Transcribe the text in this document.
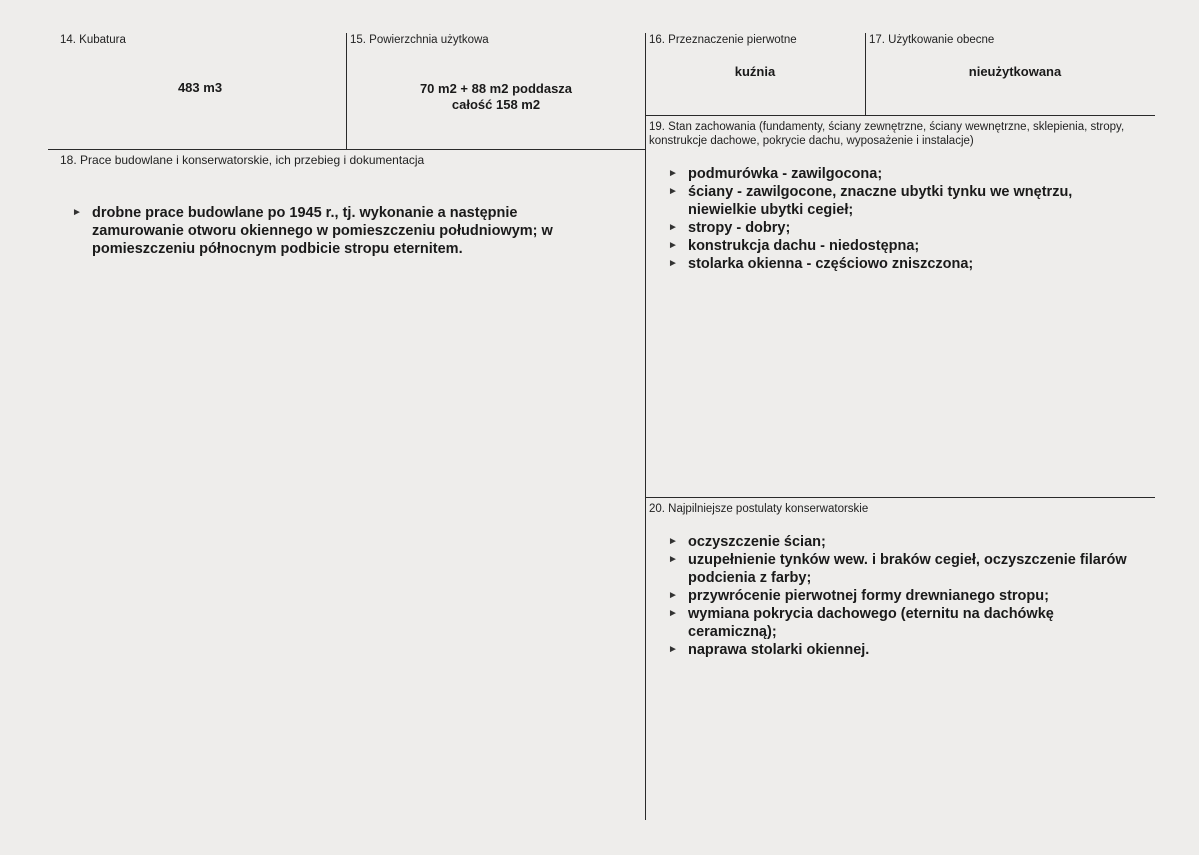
14. Kubatura
483 m3
15. Powierzchnia użytkowa
70 m2 + 88 m2 poddasza
całość 158 m2
16. Przeznaczenie pierwotne
kuźnia
17. Użytkowanie obecne
nieużytkowana
18. Prace budowlane i konserwatorskie, ich przebieg i dokumentacja
► drobne prace budowlane po 1945 r., tj. wykonanie a następnie zamurowanie otworu okiennego w pomieszczeniu południowym; w pomieszczeniu północnym podbicie stropu eternitem.
19. Stan zachowania (fundamenty, ściany zewnętrzne, ściany wewnętrzne, sklepienia, stropy, konstrukcje dachowe, pokrycie dachu, wyposażenie i instalacje)
► podmurówka - zawilgocona;
► ściany - zawilgocone, znaczne ubytki tynku we wnętrzu, niewielkie ubytki cegieł;
► stropy - dobry;
► konstrukcja dachu - niedostępna;
► stolarka okienna - częściowo zniszczona;
20. Najpilniejsze postulaty konserwatorskie
► oczyszczenie ścian;
► uzupełnienie tynków wew. i braków cegieł, oczyszczenie filarów podcienia z farby;
► przywrócenie pierwotnej formy drewnianego stropu;
► wymiana pokrycia dachowego (eternitu na dachówkę ceramiczną);
► naprawa stolarki okiennej.
